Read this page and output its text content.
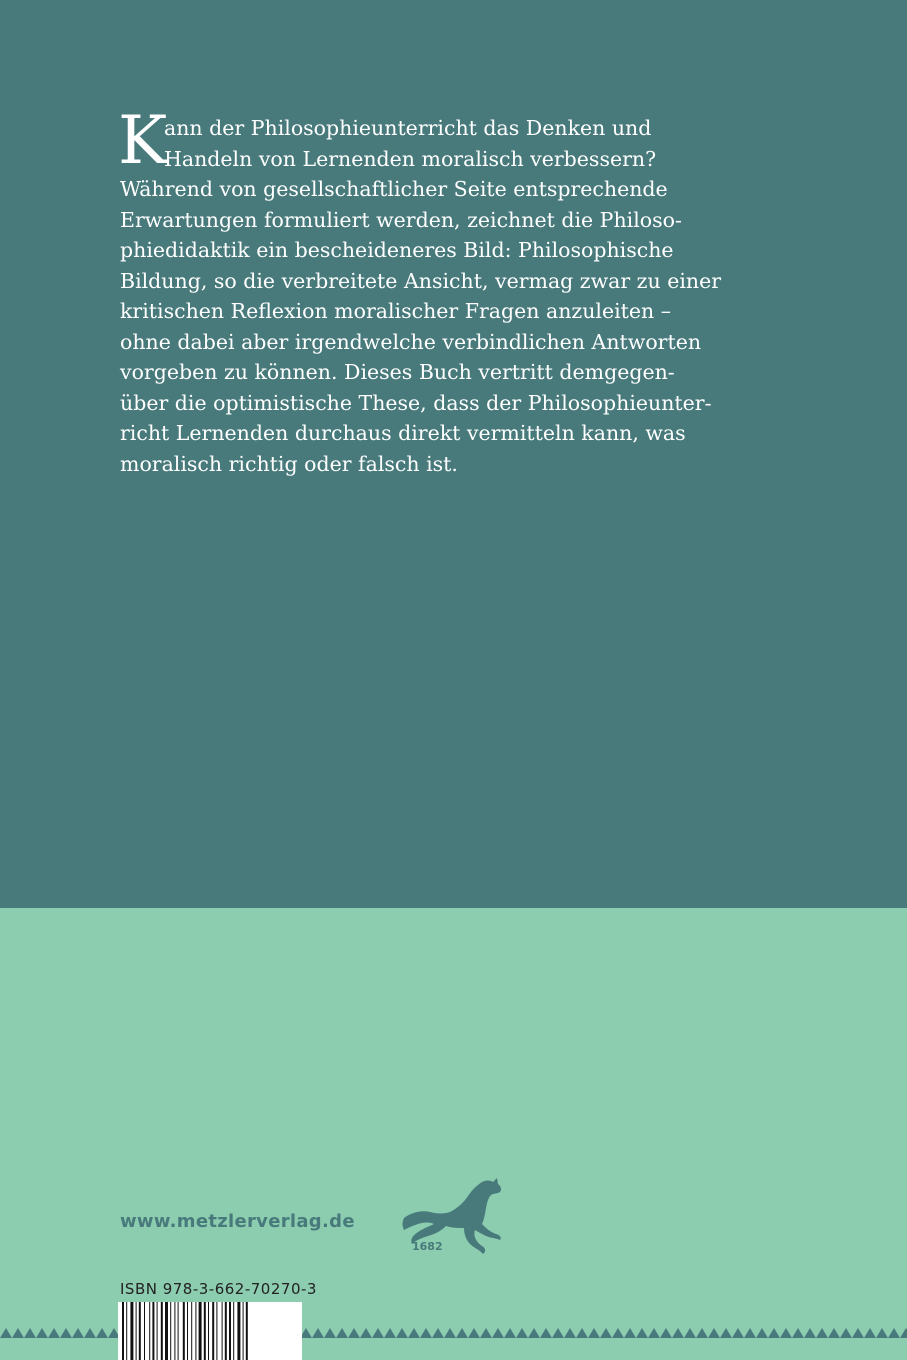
K

ann der Philosophieunterricht das Denken und
Handeln von Lernenden moralisch verbessern?
Während von gesellschaftlicher Seite entsprechende
Erwartungen formuliert werden, zeichnet die Philoso-
phiedidaktik ein bescheideneres Bild: Philosophische
Bildung, so die verbreitete Ansicht, vermag zwar zu einer
kritischen Reflexion moralischer Fragen anzuleiten –
ohne dabei aber irgendwelche verbindlichen Antworten
vorgeben zu können. Dieses Buch vertritt demgegen-
über die optimistische These, dass der Philosophieunter-
richt Lernenden durchaus direkt vermitteln kann, was
moralisch richtig oder falsch ist.

www.metzlerverlag.de
1682
ISBN 978-3-662-70270-3
